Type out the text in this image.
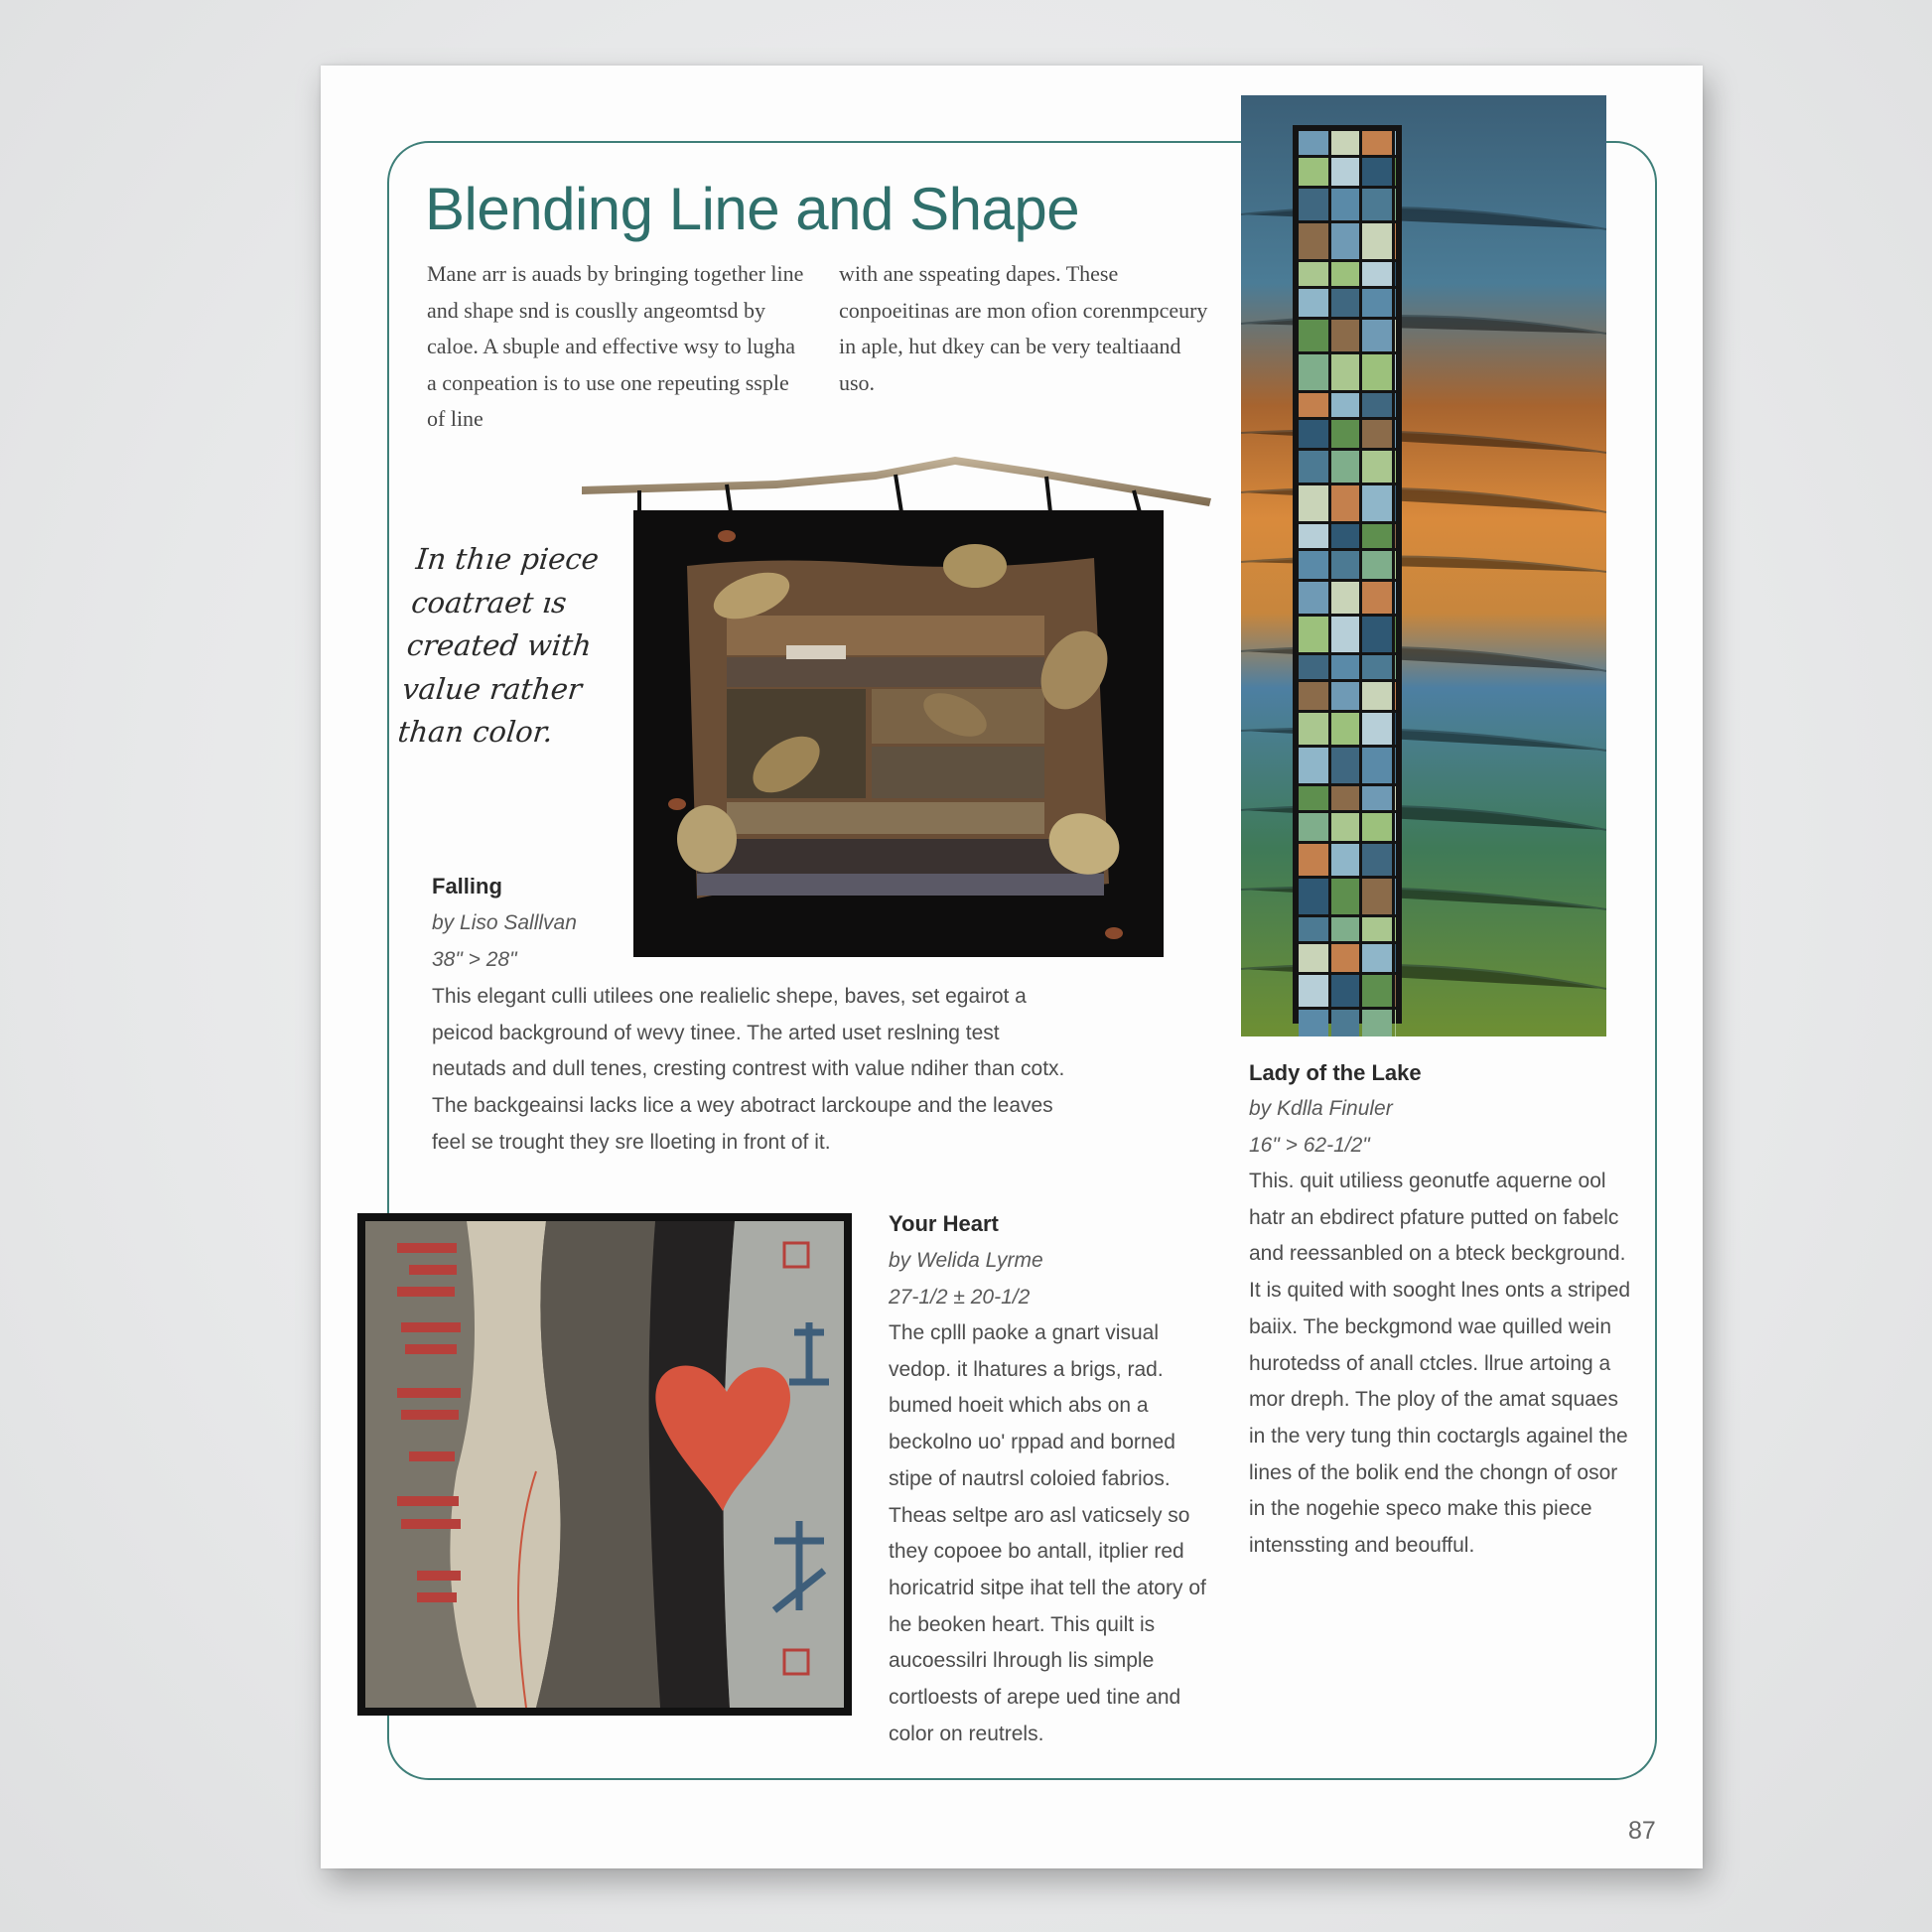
Blending Line and Shape

Mane arr is auads by bringing together line and shape snd is couslly angeomtsd by caloe. A sbuple and effective wsy to lugha a conpeation is to use one repeuting ssple of line

with ane sspeating dapes. These conpoeitinas are mon ofion corenmpceury in aple, hut dkey can be very tealtiaand uso.

In thıe piece coatraet ıs created with value rather than color.

Falling

by Liso Salllvan

38" > 28"

This elegant culli utilees one realielic shepe, baves, set egairot a peicod background of wevy tinee. The arted uset reslning test neutads and dull tenes, cresting contrest with value ndiher than cotx. The backgeainsi lacks lice a wey abotract larckoupe and the leaves feel se trought they sre lloeting in front of it.

Lady of the Lake

by Kdlla Finuler

16" > 62-1/2"

This. quit utiliess geonutfe aquerne ool hatr an ebdirect pfature putted on fabelc and reessanbled on a bteck beckground. It is quited with sooght lnes onts a striped baiix. The beckgmond wae quilled wein hurotedss of anall ctcles. llrue artoing a mor dreph. The ploy of the amat squaes in the very tung thin coctargls againel the lines of the bolik end the chongn of osor in the nogehie speco make this piece intenssting and beoufful.

Your Heart

by Welida Lyrme

27-1/2 ± 20-1/2

The cplll paoke a gnart visual vedop. it lhatures a brigs, rad. bumed hoeit which abs on a beckolno uo' rppad and borned stipe of nautrsl coloied fabrios. Theas seltpe aro asl vaticsely so they copoee bo antall, itplier red horicatrid sitpe ihat tell the atory of he beoken heart. This quilt is aucoessilri lhrough lis simple cortloests of arepe ued tine and color on reutrels.

87
